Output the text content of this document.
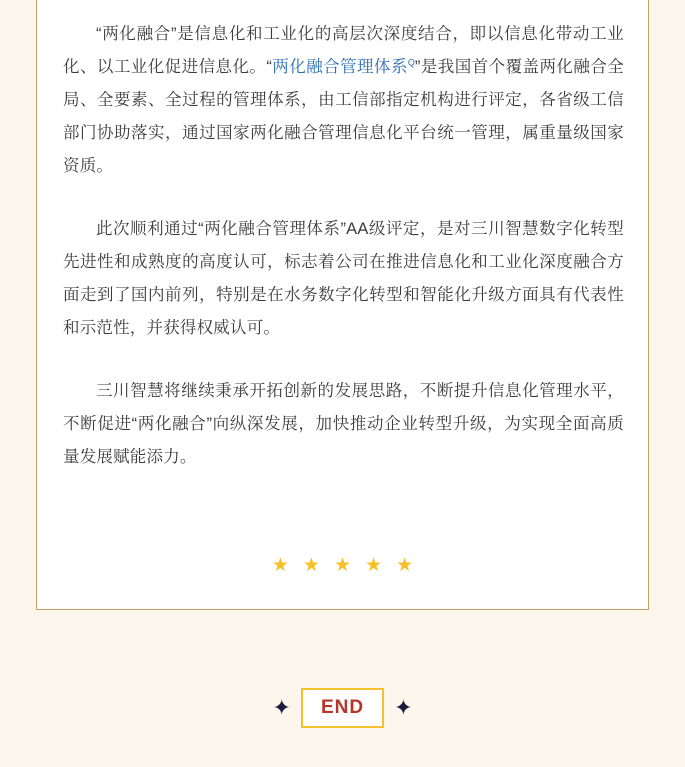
“两化融合”是信息化和工业化的高层次深度结合，即以信息化带动工业化、以工业化促进信息化。“两化融合管理体系$^Q$”是我国首个覆盖两化融合全局、全要素、全过程的管理体系，由工信部指定机构进行评定，各省级工信部门协助落实，通过国家两化融合管理信息化平台统一管理，属重量级国家资质。

此次顺利通过“两化融合管理体系”AA级评定，是对三川智慧数字化转型先进性和成熟度的高度认可，标志着公司在推进信息化和工业化深度融合方面走到了国内前列，特别是在水务数字化转型和智能化升级方面具有代表性和示范性，并获得权威认可。

三川智慧将继续秉承开拓创新的发展思路，不断提升信息化管理水平，不断促进“两化融合”向纵深发展，加快推动企业转型升级，为实现全面高质量发展赋能添力。

★ ★ ★ ★ ★
✦	END	✦
